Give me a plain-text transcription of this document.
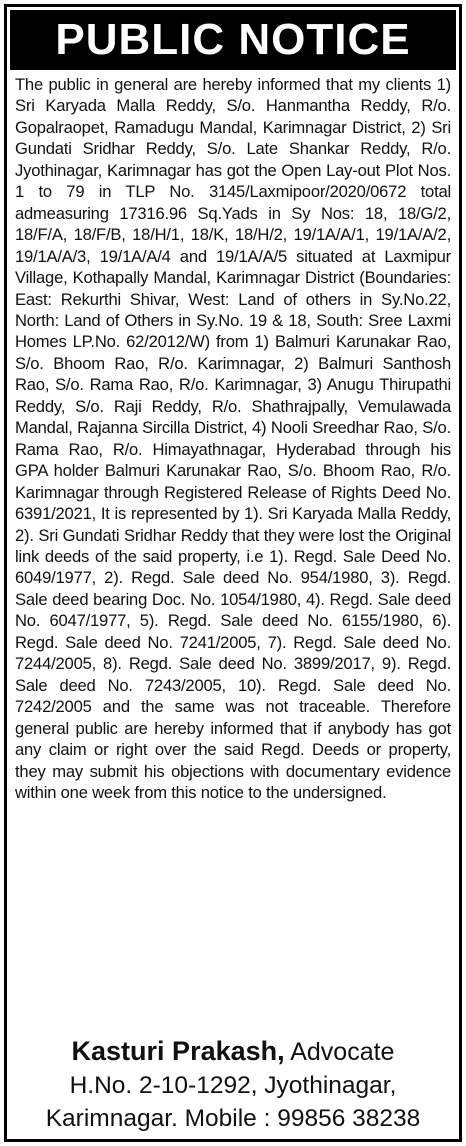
PUBLIC NOTICE
The public in general are hereby informed that my clients 1) Sri Karyada Malla Reddy, S/o. Hanmantha Reddy, R/o. Gopalraopet, Ramadugu Mandal, Karimnagar District, 2) Sri Gundati Sridhar Reddy, S/o. Late Shankar Reddy, R/o. Jyothinagar, Karimnagar has got the Open Lay-out Plot Nos. 1 to 79 in TLP No. 3145/Laxmipoor/2020/0672 total admeasuring 17316.96 Sq.Yads in Sy Nos: 18, 18/G/2, 18/F/A, 18/F/B, 18/H/1, 18/K, 18/H/2, 19/1A/A/1, 19/1A/A/2, 19/1A/A/3, 19/1A/A/4 and 19/1A/A/5 situated at Laxmipur Village, Kothapally Mandal, Karimnagar District (Boundaries: East: Rekurthi Shivar, West: Land of others in Sy.No.22, North: Land of Others in Sy.No. 19 & 18, South: Sree Laxmi Homes LP.No. 62/2012/W) from 1) Balmuri Karunakar Rao, S/o. Bhoom Rao, R/o. Karimnagar, 2) Balmuri Santhosh Rao, S/o. Rama Rao, R/o. Karimnagar, 3) Anugu Thirupathi Reddy, S/o. Raji Reddy, R/o. Shathrajpally, Vemulawada Mandal, Rajanna Sircilla District, 4) Nooli Sreedhar Rao, S/o. Rama Rao, R/o. Himayathnagar, Hyderabad through his GPA holder Balmuri Karunakar Rao, S/o. Bhoom Rao, R/o. Karimnagar through Registered Release of Rights Deed No. 6391/2021, It is represented by 1). Sri Karyada Malla Reddy, 2). Sri Gundati Sridhar Reddy that they were lost the Original link deeds of the said property, i.e 1). Regd. Sale Deed No. 6049/1977, 2). Regd. Sale deed No. 954/1980, 3). Regd. Sale deed bearing Doc. No. 1054/1980, 4). Regd. Sale deed No. 6047/1977, 5). Regd. Sale deed No. 6155/1980, 6). Regd. Sale deed No. 7241/2005, 7). Regd. Sale deed No. 7244/2005, 8). Regd. Sale deed No. 3899/2017, 9). Regd. Sale deed No. 7243/2005, 10). Regd. Sale deed No. 7242/2005 and the same was not traceable. Therefore general public are hereby informed that if anybody has got any claim or right over the said Regd. Deeds or property, they may submit his objections with documentary evidence within one week from this notice to the undersigned.
Kasturi Prakash, Advocate
H.No. 2-10-1292, Jyothinagar,
Karimnagar. Mobile : 99856 38238
